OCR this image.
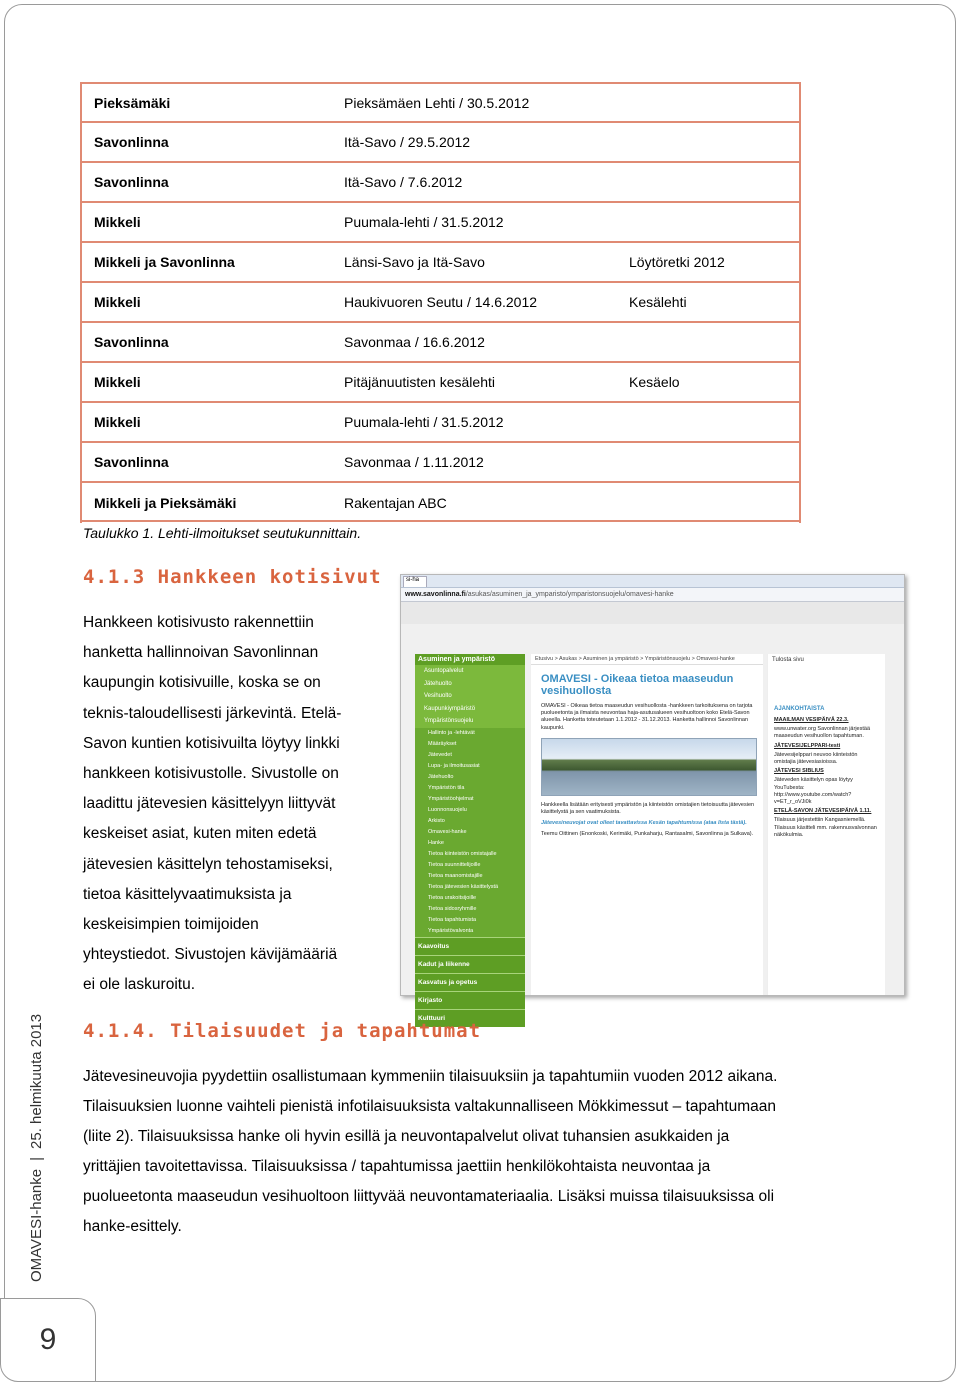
Pieksämäki	Pieksämäen Lehti / 30.5.2012
Savonlinna	Itä-Savo / 29.5.2012
Savonlinna	Itä-Savo / 7.6.2012
Mikkeli	Puumala-lehti / 31.5.2012
Mikkeli ja Savonlinna	Länsi-Savo ja Itä-Savo	Löytöretki 2012
Mikkeli	Haukivuoren Seutu / 14.6.2012	Kesälehti
Savonlinna	Savonmaa / 16.6.2012
Mikkeli	Pitäjänuutisten kesälehti	Kesäelo
Mikkeli	Puumala-lehti / 31.5.2012
Savonlinna	Savonmaa / 1.11.2012
Mikkeli ja Pieksämäki	Rakentajan ABC
Taulukko 1. Lehti-ilmoitukset seutukunnittain.
4.1.3 Hankkeen kotisivut
Hankkeen kotisivusto rakennettiin
hanketta hallinnoivan Savonlinnan
kaupungin kotisivuille, koska se on
teknis-taloudellisesti järkevintä. Etelä-
Savon kuntien kotisivuilta löytyy linkki
hankkeen kotisivustolle. Sivustolle on
laadittu jätevesien käsittelyyn liittyvät
keskeiset asiat, kuten miten edetä
jätevesien käsittelyn tehostamiseksi,
tietoa käsittelyvaatimuksista ja
keskeisimpien toimijoiden
yhteystiedot. Sivustojen kävijämääriä
ei ole laskuroitu.
si-ha
www.savonlinna.fi /asukas/asuminen_ja_ymparisto/ymparistonsuojelu/omavesi-hanke
Asuminen ja ympäristö
Asuntopalvelut
Jätehuolto
Vesihuolto
Kaupunkiympäristö
Ympäristönsuojelu
Hallinto ja -lehtävät
Määräykset
Jätevedet
Lupa- ja ilmoitusasiat
Jätehuolto
Ympäristön tila
Ympäristöohjelmat
Luonnonsuojelu
Arkisto
Omavesi-hanke
Hanke
Tietoa kiinteistön omistajalle
Tietoa suunnittelijoille
Tietoa maanomistajille
Tietoa jätevesien käsittelystä
Tietoa urakoitsijoille
Tietoa sidosryhmille
Tietoa tapahtumista
Ympäristövalvonta
Kaavoitus
Kadut ja liikenne
Kasvatus ja opetus
Kirjasto
Kulttuuri
Etusivu > Asukas > Asuminen ja ympäristö > Ympäristönsuojelu > Omavesi-hanke
OMAVESI - Oikeaa tietoa maaseudun vesihuollosta
OMAVESI - Oikeaa tietoa maaseudun vesihuollosta -hankkeen tarkoituksena on tarjota puolueetonta ja ilmaista neuvontaa haja-asutusalueen vesihuoltoon koko Etelä-Savon alueella. Hanketta toteutetaan 1.1.2012 - 31.12.2013. Hanketta hallinnoi Savonlinnan kaupunki.
Hankkeella lisätään erityisesti ympäristön ja kiinteistön omistajien tietoisuutta jätevesien käsittelystä ja sen vaatimuksista.
Jätevesineuvojat ovat olleet tavattavissa Kesän tapahtumissa (ataa lista tästä).
Teemu Oittinen (Enonkoski, Kerimäki, Punkaharju, Rantasalmi, Savonlinna ja Sulkava).
Tulosta sivu
AJANKOHTAISTA
MAAILMAN VESIPÄIVÄ 22.3.
www.unwater.org Savonlinnan järjestää maaseudun vesihuollon tapahtuman.
JÄTEVESIJELPPARI-testi
Jätevesijelppari neuvoo kiinteistön omistajia jätevesiasioissa.
JÄTEVESI SIBLIUS
Jäteveden käsittelyn opas löytyy YouTubesta: http://www.youtube.com/watch?v=ET_r_oVJi0k
ETELÄ-SAVON JÄTEVESIPÄIVÄ 1.11.
Tilaisuus järjestettiin Kangasniemellä. Tilaisuus käsitteli mm. rakennusvalvonnan näkökulmia.
4.1.4. Tilaisuudet ja tapahtumat
Jätevesineuvojia pyydettiin osallistumaan kymmeniin tilaisuuksiin ja tapahtumiin vuoden 2012 aikana.
Tilaisuuksien luonne vaihteli pienistä infotilaisuuksista valtakunnalliseen Mökkimessut – tapahtumaan
(liite 2). Tilaisuuksissa hanke oli hyvin esillä ja neuvontapalvelut olivat tuhansien asukkaiden ja
yrittäjien tavoitettavissa. Tilaisuuksissa / tapahtumissa jaettiin henkilökohtaista neuvontaa ja
puolueetonta maaseudun vesihuoltoon liittyvää neuvontamateriaalia. Lisäksi muissa tilaisuuksissa oli
hanke-esittely.
OMAVESI-hanke|25. helmikuuta 2013
9
